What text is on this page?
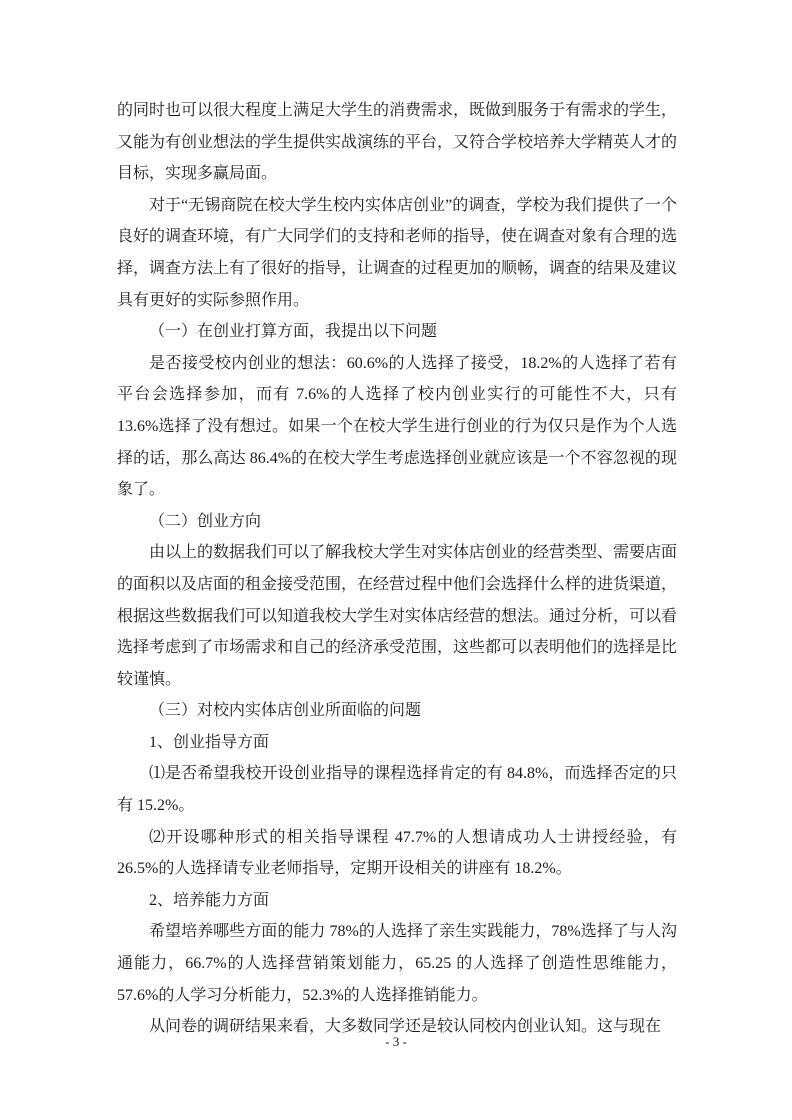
的同时也可以很大程度上满足大学生的消费需求，既做到服务于有需求的学生，又能为有创业想法的学生提供实战演练的平台，又符合学校培养大学精英人才的目标，实现多赢局面。

对于“无锡商院在校大学生校内实体店创业”的调查，学校为我们提供了一个良好的调查环境，有广大同学们的支持和老师的指导，使在调查对象有合理的选择，调查方法上有了很好的指导，让调查的过程更加的顺畅，调查的结果及建议具有更好的实际参照作用。

（一）在创业打算方面，我提出以下问题

是否接受校内创业的想法：60.6%的人选择了接受，18.2%的人选择了若有平台会选择参加，而有 7.6%的人选择了校内创业实行的可能性不大，只有 13.6%选择了没有想过。如果一个在校大学生进行创业的行为仅只是作为个人选择的话，那么高达 86.4%的在校大学生考虑选择创业就应该是一个不容忽视的现象了。

（二）创业方向

由以上的数据我们可以了解我校大学生对实体店创业的经营类型、需要店面的面积以及店面的租金接受范围，在经营过程中他们会选择什么样的进货渠道，根据这些数据我们可以知道我校大学生对实体店经营的想法。通过分析，可以看选择考虑到了市场需求和自己的经济承受范围，这些都可以表明他们的选择是比较谨慎。

（三）对校内实体店创业所面临的问题

1、创业指导方面

⑴是否希望我校开设创业指导的课程选择肯定的有 84.8%，而选择否定的只有 15.2%。

⑵开设哪种形式的相关指导课程 47.7%的人想请成功人士讲授经验，有 26.5%的人选择请专业老师指导，定期开设相关的讲座有 18.2%。

2、培养能力方面

希望培养哪些方面的能力 78%的人选择了亲生实践能力，78%选择了与人沟通能力，66.7%的人选择营销策划能力，65.25 的人选择了创造性思维能力，57.6%的人学习分析能力，52.3%的人选择推销能力。

从问卷的调研结果来看，大多数同学还是较认同校内创业认知。这与现在

- 3 -
